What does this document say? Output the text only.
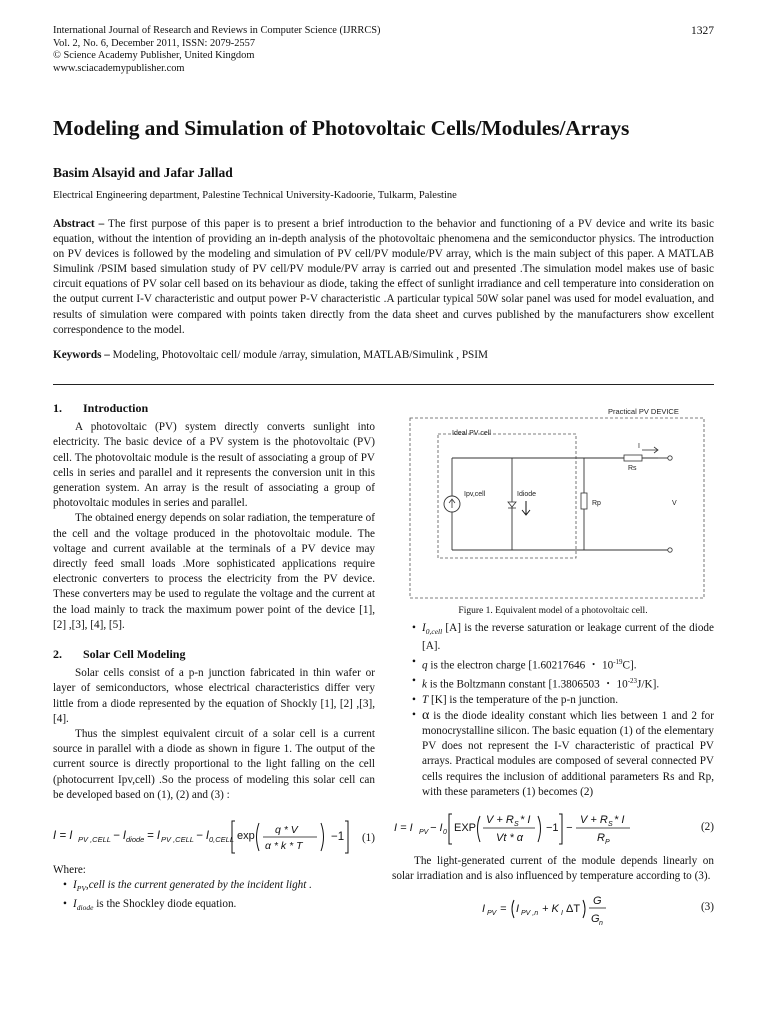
International Journal of Research and Reviews in Computer Science (IJRRCS)
Vol. 2, No. 6, December 2011, ISSN: 2079-2557
© Science Academy Publisher, United Kingdom
www.sciacademypublisher.com
1327
Modeling and Simulation of Photovoltaic Cells/Modules/Arrays
Basim Alsayid and Jafar Jallad
Electrical Engineering department, Palestine Technical University-Kadoorie, Tulkarm, Palestine
Abstract – The first purpose of this paper is to present a brief introduction to the behavior and functioning of a PV device and write its basic equation, without the intention of providing an in-depth analysis of the photovoltaic phenomena and the semiconductor physics. The introduction on PV devices is followed by the modeling and simulation of PV cell/PV module/PV array, which is the main subject of this paper. A MATLAB Simulink /PSIM based simulation study of PV cell/PV module/PV array is carried out and presented .The simulation model makes use of basic circuit equations of PV solar cell based on its behaviour as diode, taking the effect of sunlight irradiance and cell temperature into consideration on the output current I-V characteristic and output power P-V characteristic .A particular typical 50W solar panel was used for model evaluation, and results of simulation were compared with points taken directly from the data sheet and curves published by the manufacturers show excellent correspondence to the model.
Keywords – Modeling, Photovoltaic cell/ module /array, simulation, MATLAB/Simulink , PSIM
1. Introduction

A photovoltaic (PV) system directly converts sunlight into electricity. The basic device of a PV system is the photovoltaic (PV) cell. The photovoltaic module is the result of associating a group of PV cells in series and parallel and it represents the conversion unit in this generation system. An array is the result of associating a group of photovoltaic modules in series and parallel.

The obtained energy depends on solar radiation, the temperature of the cell and the voltage produced in the photovoltaic module. The voltage and current available at the terminals of a PV device may directly feed small loads .More sophisticated applications require electronic converters to process the electricity from the PV device. These converters may be used to regulate the voltage and the current at the load mainly to track the maximum power point of the device [1], [2] ,[3], [4], [5].

2. Solar Cell Modeling

Solar cells consist of a p-n junction fabricated in thin wafer or layer of semiconductors, whose electrical characteristics differ very little from a diode represented by the equation of Shockly [1], [2] ,[3], [4].

Thus the simplest equivalent circuit of a solar cell is a current source in parallel with a diode as shown in figure 1. The output of the current source is directly proportional to the light falling on the cell (photocurrent Ipv,cell) .So the process of modeling this solar cell can be developed based on (1), (2) and (3) :

I = I PV ,CELL − I diode = I PV ,CELL − I 0,CELL exp q * V
α * k * T
−1 (1)

Where:

• $I_{PV},cell$ is the current generated by the incident light .
• $I_{diode}$ is the Shockley diode equation.
Practical PV DEVICE
Ideal PV cell
Ipv,cell	Idiode
Rp
Rs
I
V
Figure 1. Equivalent model of a photovoltaic cell.
• $I_{0,cell}$ [A] is the reverse saturation or leakage current of the diode [A].
• q is the electron charge [1.60217646 ・ $10^{-19}C$].
• k is the Boltzmann constant [1.3806503 ・ $10^{-23}J/K$].
• T [K] is the temperature of the p-n junction.
• α is the diode ideality constant which lies between 1 and 2 for monocrystalline silicon. The basic equation (1) of the elementary PV does not represent the I-V characteristic of practical PV arrays. Practical modules are composed of several connected PV cells requires the inclusion of additional parameters Rs and Rp, with these parameters (1) becomes (2)
I = I PV − I 0 EXP
V + R S * I
Vt * α
−1 −
V + R S * I
R P
(2)

The light-generated current of the module depends linearly on solar irradiation and is also influenced by temperature according to (3).

I PV = I PV ,n + K I ΔT
G
G n
(3)
